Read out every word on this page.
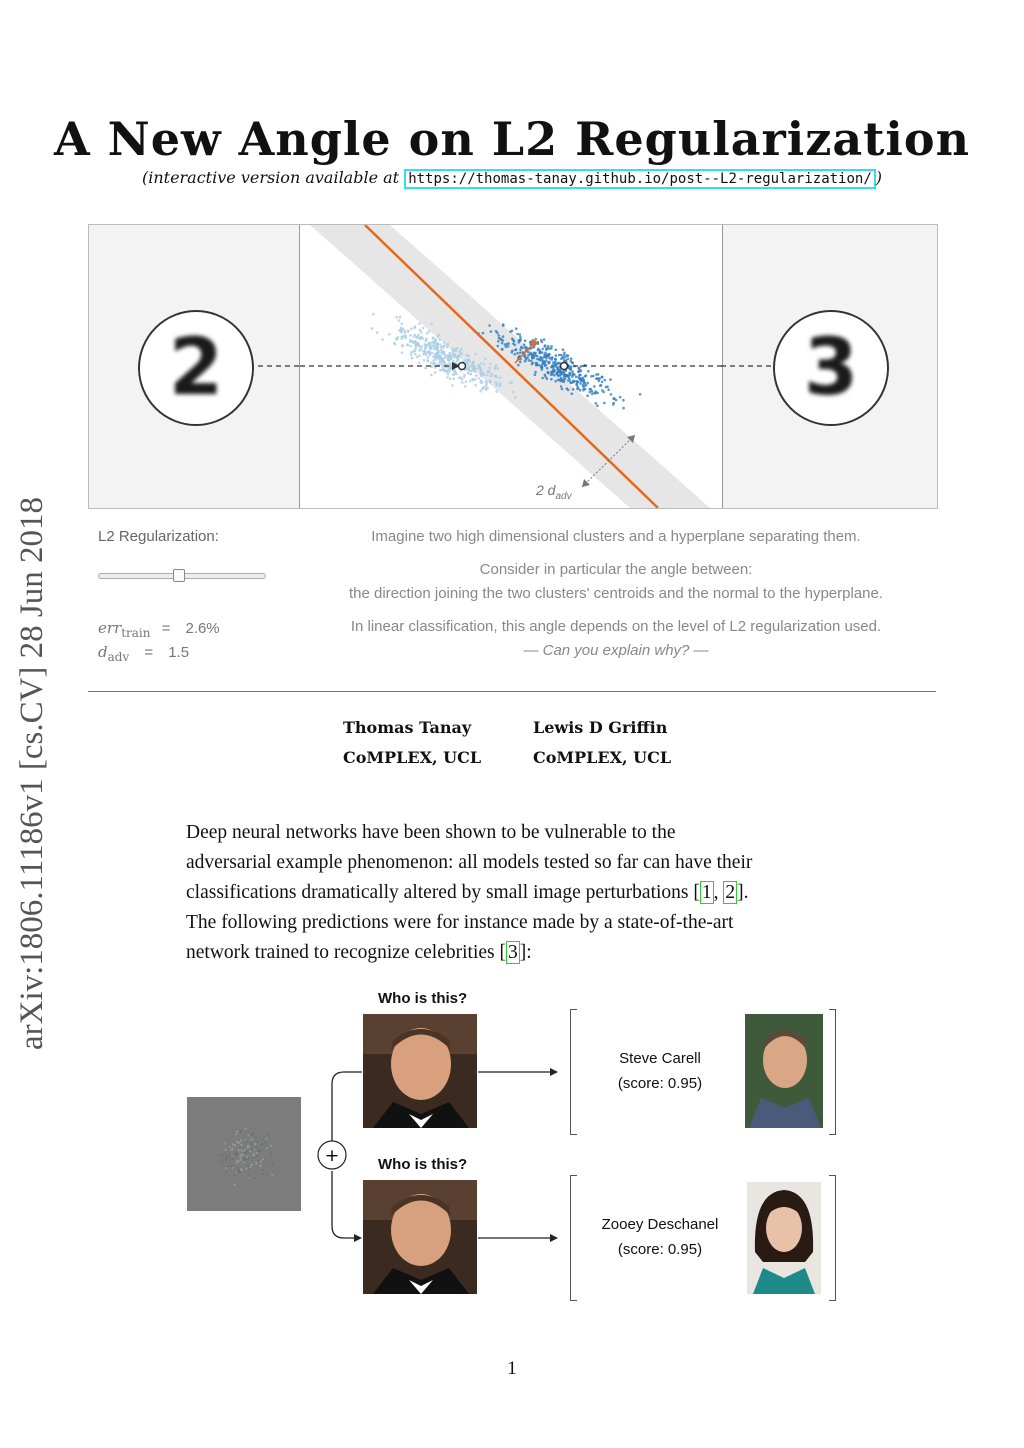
A New Angle on L2 Regularization
(interactive version available at https://thomas-tanay.github.io/post--L2-regularization/ )
arXiv:1806.11186v1 [cs.CV] 28 Jun 2018
2 $d_{adv}$
2	3
L2 Regularization:
err$_{train}$ = 2.6%
$d_{adv} = 1.5$
Imagine two high dimensional clusters and a hyperplane separating them.
Consider in particular the angle between:
the direction joining the two clusters' centroids and the normal to the hyperplane.
In linear classification, this angle depends on the level of L2 regularization used.
— Can you explain why? —
Thomas Tanay
CoMPLEX, UCL
Lewis D Griffin
CoMPLEX, UCL
Deep neural networks have been shown to be vulnerable to the
adversarial example phenomenon: all models tested so far can have their
classifications dramatically altered by small image perturbations [ 1 , 2 ].
The following predictions were for instance made by a state-of-the-art
network trained to recognize celebrities [ 3 ]:
Who is this?
Who is this?
+
Steve Carell
(score: 0.95)
Zooey Deschanel
(score: 0.95)
1
